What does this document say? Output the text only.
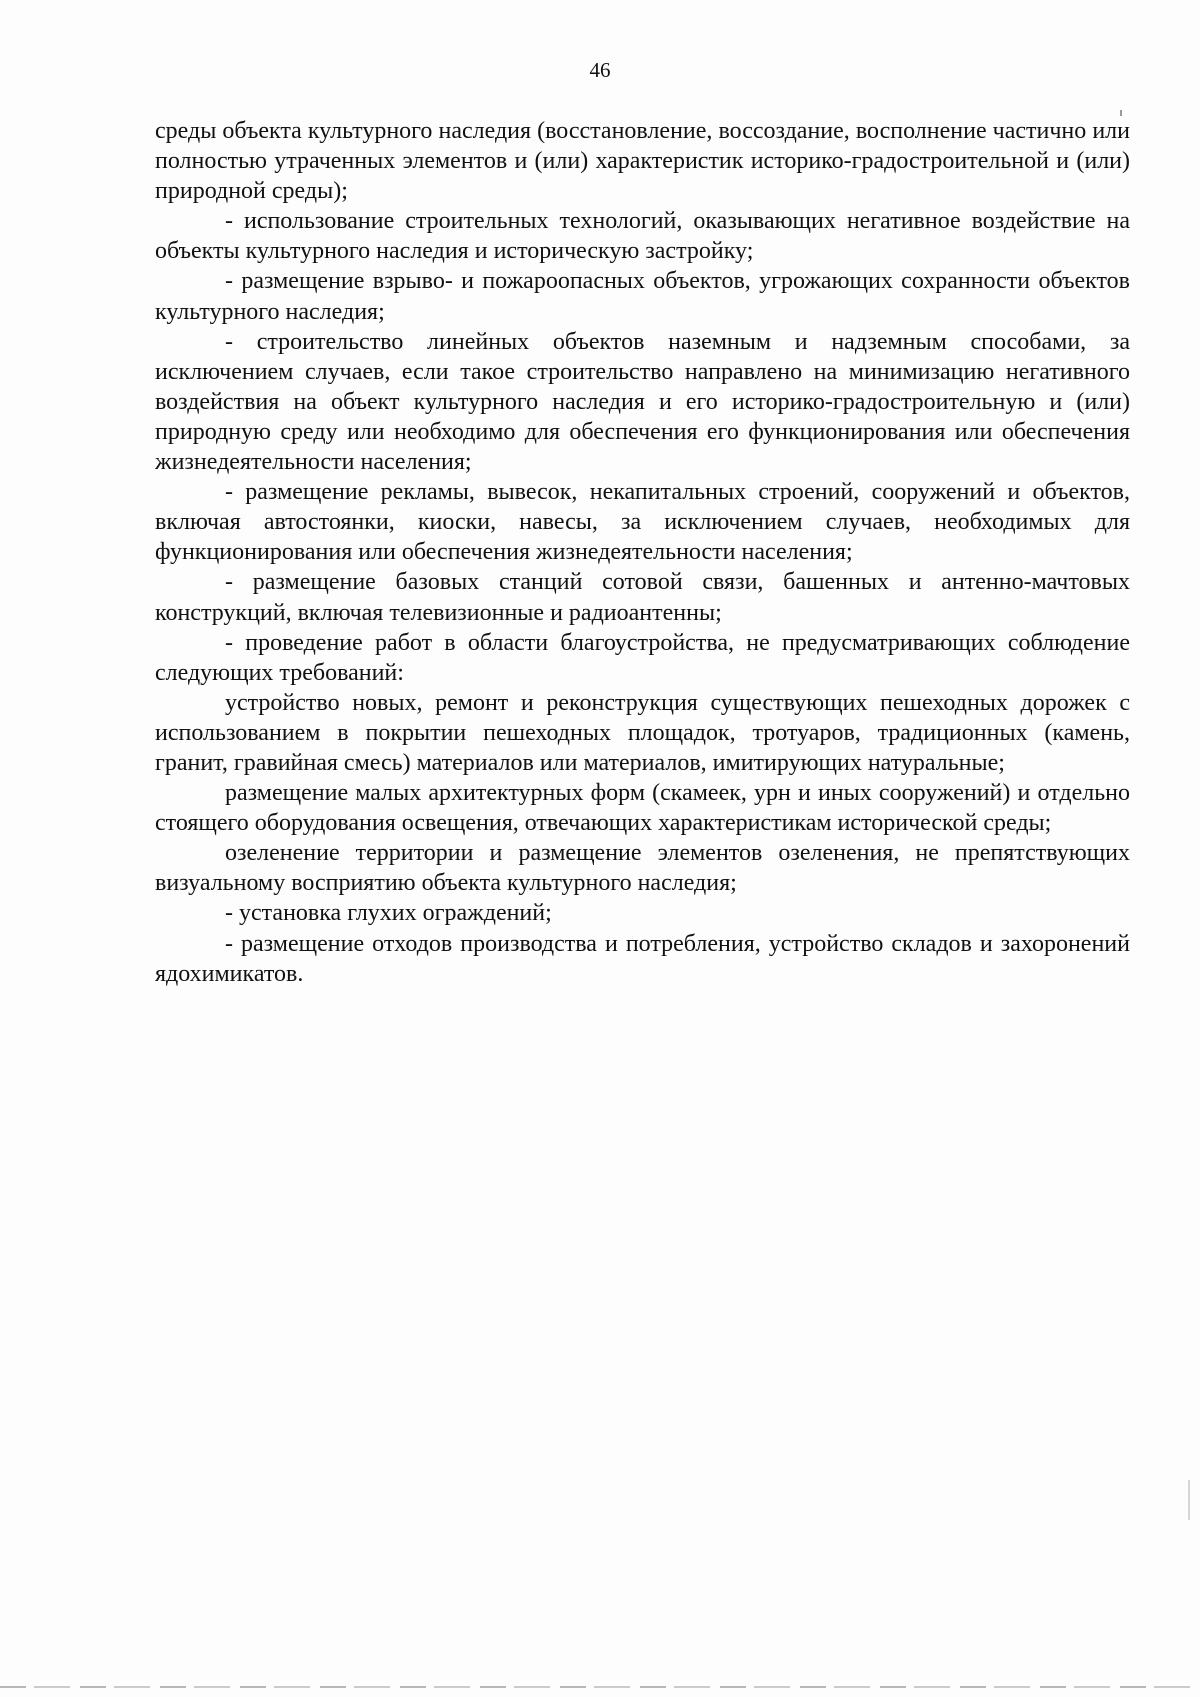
46

среды объекта культурного наследия (восстановление, воссоздание, восполнение частично или полностью утраченных элементов и (или) характеристик историко-градостроительной и (или) природной среды);

- использование строительных технологий, оказывающих негативное воздействие на объекты культурного наследия и историческую застройку;

- размещение взрыво- и пожароопасных объектов, угрожающих сохранности объектов культурного наследия;

- строительство линейных объектов наземным и надземным способами, за исключением случаев, если такое строительство направлено на минимизацию негативного воздействия на объект культурного наследия и его историко-градостроительную и (или) природную среду или необходимо для обеспечения его функционирования или обеспечения жизнедеятельности населения;

- размещение рекламы, вывесок, некапитальных строений, сооружений и объектов, включая автостоянки, киоски, навесы, за исключением случаев, необходимых для функционирования или обеспечения жизнедеятельности населения;

- размещение базовых станций сотовой связи, башенных и антенно-мачтовых конструкций, включая телевизионные и радиоантенны;

- проведение работ в области благоустройства, не предусматривающих соблюдение следующих требований:

устройство новых, ремонт и реконструкция существующих пешеходных дорожек с использованием в покрытии пешеходных площадок, тротуаров, традиционных (камень, гранит, гравийная смесь) материалов или материалов, имитирующих натуральные;

размещение малых архитектурных форм (скамеек, урн и иных сооружений) и отдельно стоящего оборудования освещения, отвечающих характеристикам исторической среды;

озеленение территории и размещение элементов озеленения, не препятствующих визуальному восприятию объекта культурного наследия;

- установка глухих ограждений;

- размещение отходов производства и потребления, устройство складов и захоронений ядохимикатов.
